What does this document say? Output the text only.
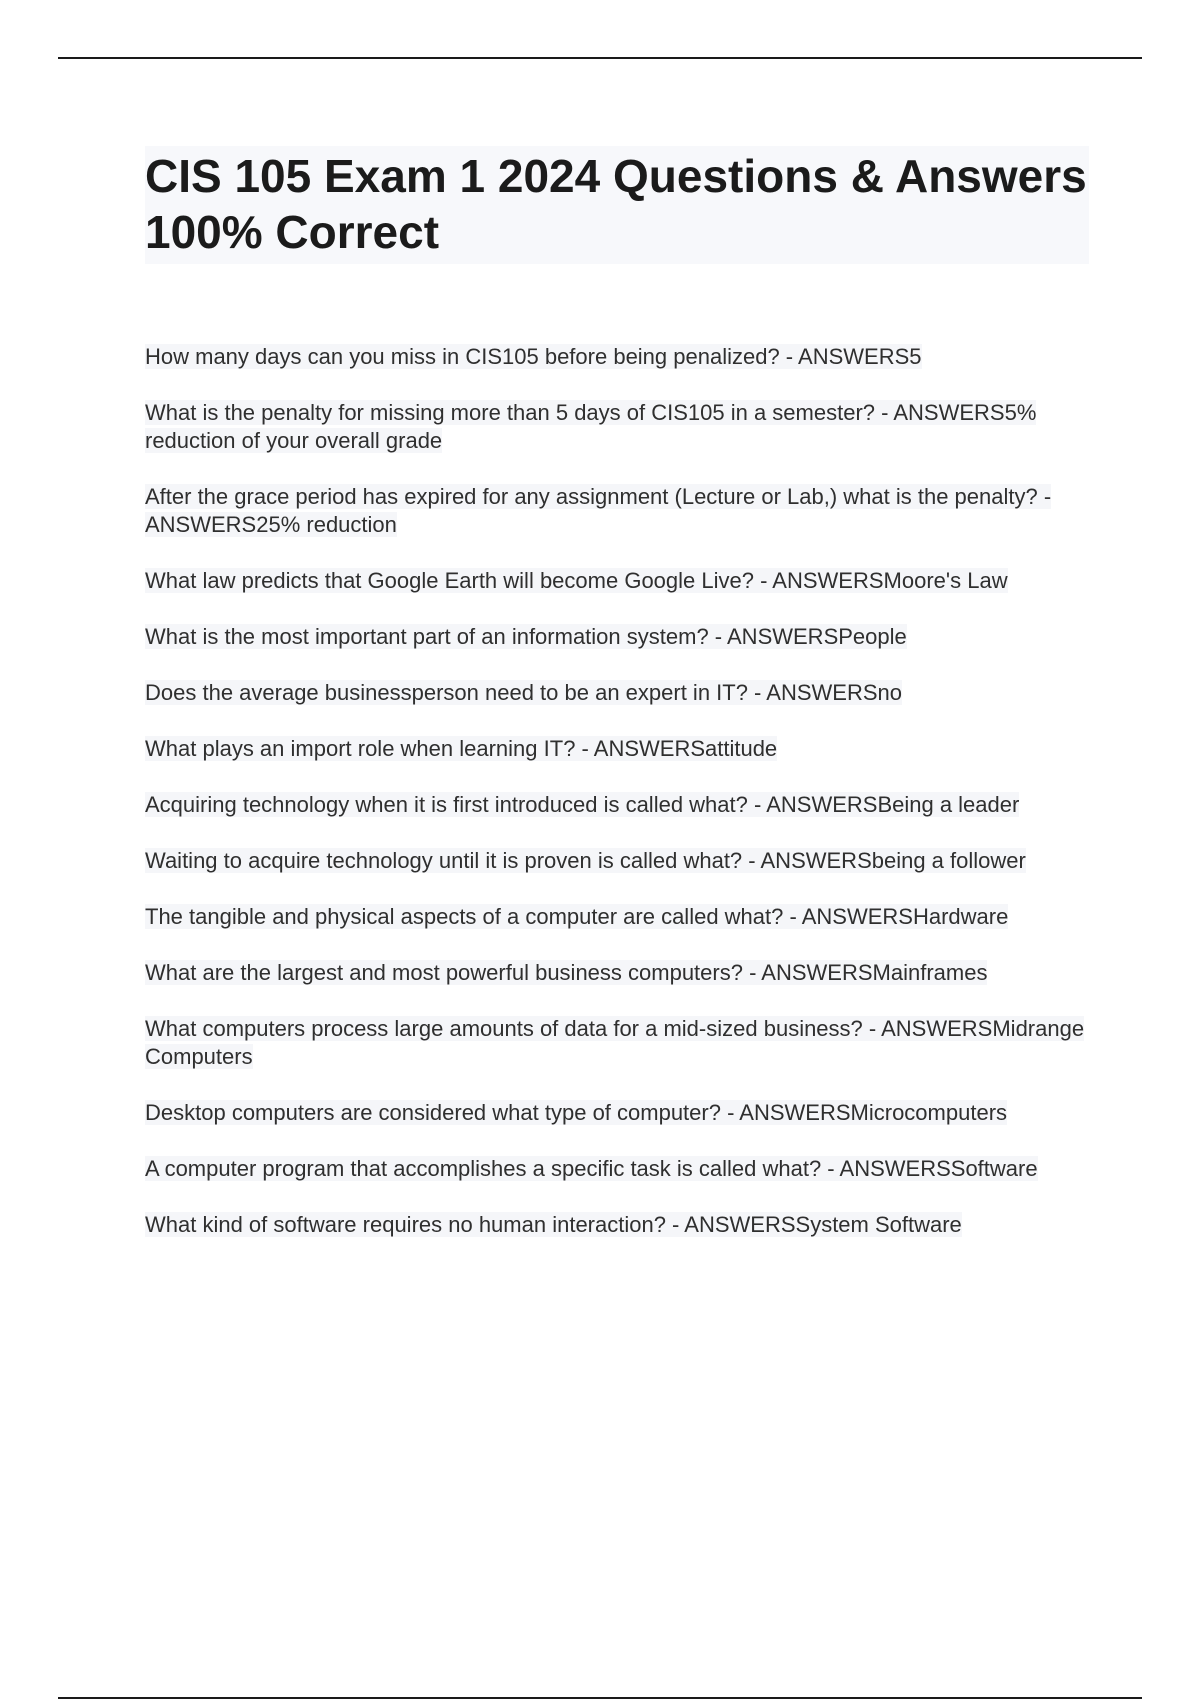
CIS 105 Exam 1 2024 Questions & Answers 100% Correct
How many days can you miss in CIS105 before being penalized? - ANSWERS5
What is the penalty for missing more than 5 days of CIS105 in a semester? - ANSWERS5% reduction of your overall grade
After the grace period has expired for any assignment (Lecture or Lab,) what is the penalty? - ANSWERS25% reduction
What law predicts that Google Earth will become Google Live? - ANSWERSMoore's Law
What is the most important part of an information system? - ANSWERSPeople
Does the average businessperson need to be an expert in IT? - ANSWERSno
What plays an import role when learning IT? - ANSWERSattitude
Acquiring technology when it is first introduced is called what? - ANSWERSBeing a leader
Waiting to acquire technology until it is proven is called what? - ANSWERSbeing a follower
The tangible and physical aspects of a computer are called what? - ANSWERSHardware
What are the largest and most powerful business computers? - ANSWERSMainframes
What computers process large amounts of data for a mid-sized business? - ANSWERSMidrange Computers
Desktop computers are considered what type of computer? - ANSWERSMicrocomputers
A computer program that accomplishes a specific task is called what? - ANSWERSSoftware
What kind of software requires no human interaction? - ANSWERSSystem Software
